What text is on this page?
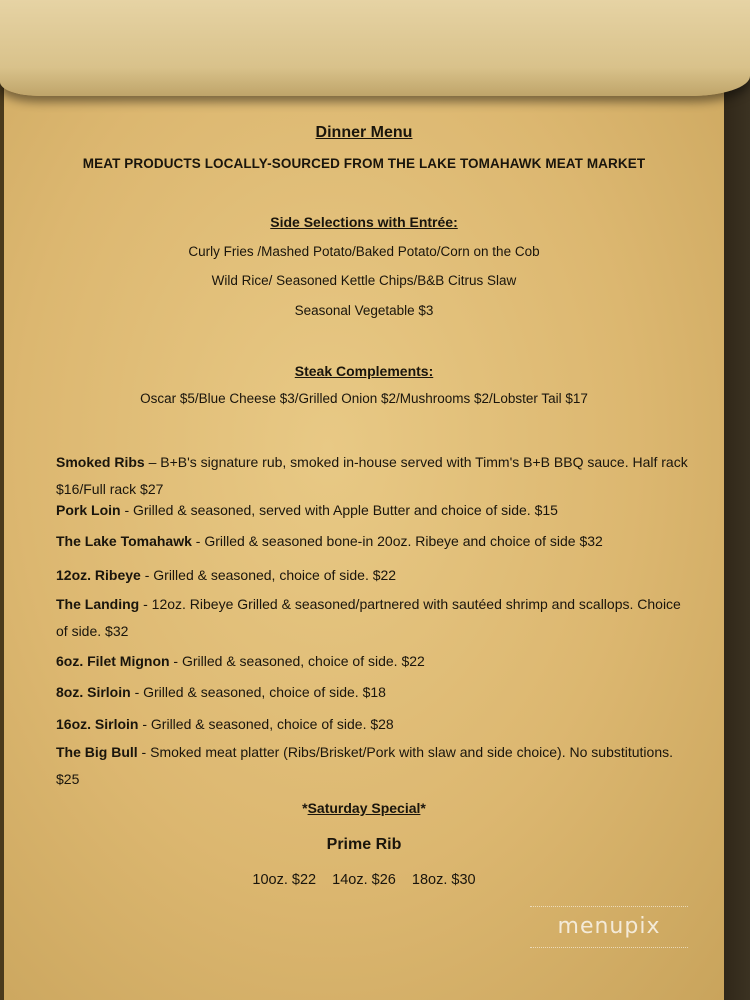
Dinner Menu
MEAT PRODUCTS LOCALLY-SOURCED FROM THE LAKE TOMAHAWK MEAT MARKET
Side Selections with Entrée:
Curly Fries /Mashed Potato/Baked Potato/Corn on the Cob
Wild Rice/ Seasoned Kettle Chips/B&B Citrus Slaw
Seasonal Vegetable $3
Steak Complements:
Oscar $5/Blue Cheese $3/Grilled Onion $2/Mushrooms $2/Lobster Tail $17
Smoked Ribs – B+B's signature rub, smoked in-house served with Timm's B+B BBQ sauce. Half rack $16/Full rack $27
Pork Loin - Grilled & seasoned, served with Apple Butter and choice of side. $15
The Lake Tomahawk - Grilled & seasoned bone-in 20oz. Ribeye and choice of side $32
12oz. Ribeye - Grilled & seasoned, choice of side. $22
The Landing - 12oz. Ribeye Grilled & seasoned/partnered with sautéed shrimp and scallops. Choice of side. $32
6oz. Filet Mignon - Grilled & seasoned, choice of side. $22
8oz. Sirloin - Grilled & seasoned, choice of side. $18
16oz. Sirloin - Grilled & seasoned, choice of side. $28
The Big Bull - Smoked meat platter (Ribs/Brisket/Pork with slaw and side choice). No substitutions. $25
*Saturday Special*
Prime Rib
10oz. $22 14oz. $26 18oz. $30
menupix
